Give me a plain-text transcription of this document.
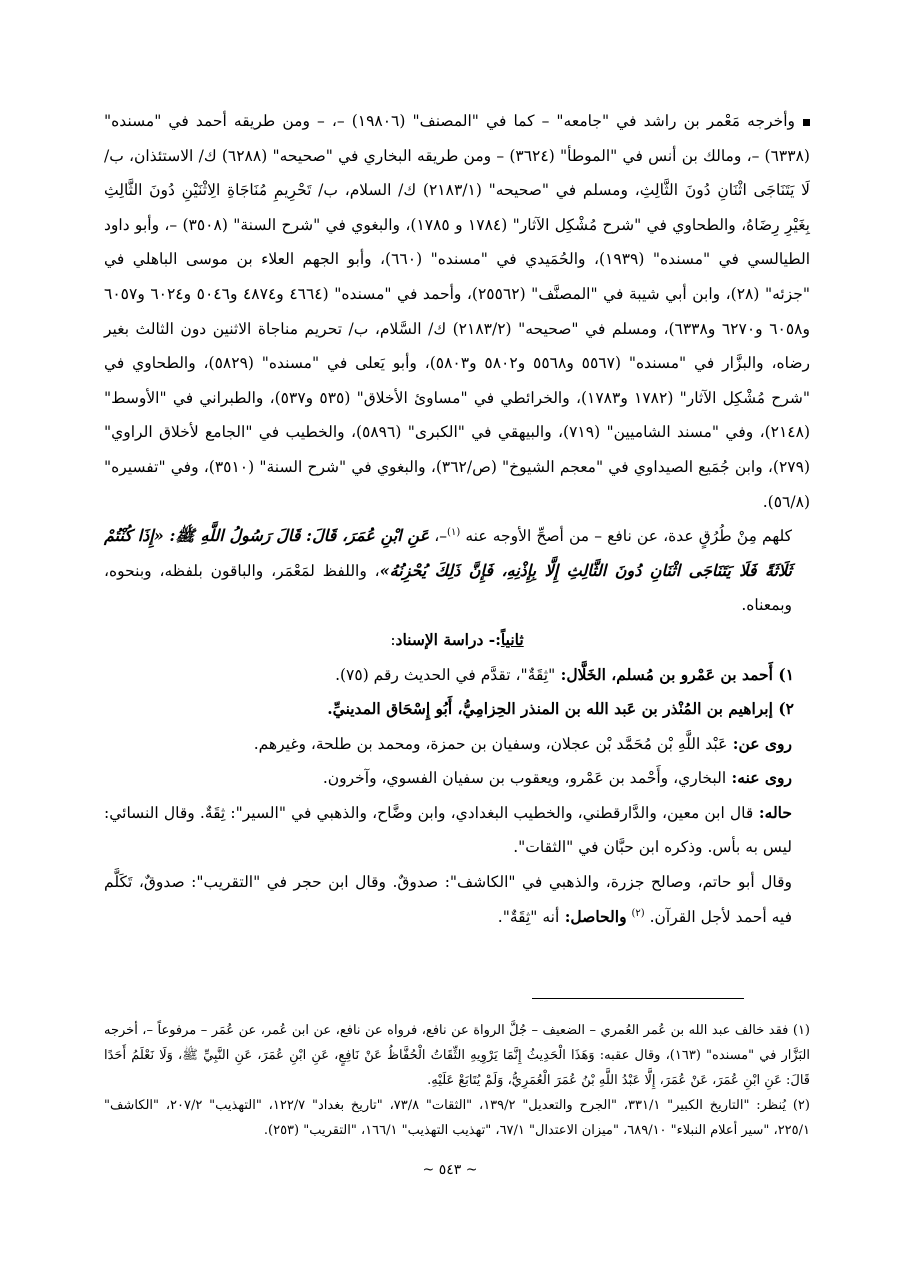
وأخرجه مَعْمر بن راشد في "جامعه" – كما في "المصنف" (١٩٨٠٦) –، – ومن طريقه أحمد في "مسنده" (٦٣٣٨) –، ومالك بن أنس في "الموطأ" (٣٦٢٤) – ومن طريقه البخاري في "صحيحه" (٦٢٨٨) ك/ الاستئذان، ب/لَا يَتَنَاجَى اثْنَانِ دُونَ الثَّالِثِ، ومسلم في "صحيحه" (٢١٨٣/١) ك/ السلام، ب/ تَحْرِيمِ مُنَاجَاةِ الِاثْنَيْنِ دُونَ الثَّالِثِ بِغَيْرِ رِضَاهُ، والطحاوي في "شرح مُشْكِل الآثار" (١٧٨٤ و ١٧٨٥)، والبغوي في "شرح السنة" (٣٥٠٨) –، وأبو داود الطيالسي في "مسنده" (١٩٣٩)، والحُمَيدي في "مسنده" (٦٦٠)، وأبو الجهم العلاء بن موسى الباهلي في "جزئه" (٢٨)، وابن أبي شيبة في "المصنَّف" (٢٥٥٦٢)، وأحمد في "مسنده" (٤٦٦٤ و٤٨٧٤ و٥٠٤٦ و٦٠٢٤ و٦٠٥٧ و٦٠٥٨ و٦٢٧٠ و٦٣٣٨)، ومسلم في "صحيحه" (٢١٨٣/٢) ك/ السَّلام، ب/ تحريم مناجاة الاثنين دون الثالث بغير رضاه، والبزَّار في "مسنده" (٥٥٦٧ و٥٥٦٨ و٥٨٠٢ و٥٨٠٣)، وأبو يَعلى في "مسنده" (٥٨٢٩)، والطحاوي في "شرح مُشْكِل الآثار" (١٧٨٢ و١٧٨٣)، والخرائطي في "مساوئ الأخلاق" (٥٣٥ و٥٣٧)، والطبراني في "الأوسط" (٢١٤٨)، وفي "مسند الشاميين" (٧١٩)، والبيهقي في "الكبرى" (٥٨٩٦)، والخطيب في "الجامع لأخلاق الراوي" (٢٧٩)، وابن جُمَيع الصيداوي في "معجم الشيوخ" (ص/٣٦٢)، والبغوي في "شرح السنة" (٣٥١٠)، وفي "تفسيره" (٥٦/٨).

كلهم مِنْ طُرُقٍ عدة، عن نافع – من أصحِّ الأوجه عنه $^{(١)}$–، عَنِ ابْنِ عُمَرَ، قَالَ: قَالَ رَسُولُ اللَّهِ ﷺ: «إِذَا كُنْتُمْ ثَلَاثَةً فَلَا يَتَنَاجَى اثْنَانِ دُونَ الثَّالِثِ إِلَّا بِإِذْنِهِ، فَإِنَّ ذَلِكَ يُحْزِنُهُ»، واللفظ لمَعْمَر، والباقون بلفظه، وبنحوه، وبمعناه.

ثانياً:- دراسة الإسناد:

١) أَحمد بن عَمْرو بن مُسلم، الخَلَّال: "ثِقَةٌ"، تقدَّم في الحديث رقم (٧٥).

٢) إبراهيم بن المُنْذر بن عَبد الله بن المنذر الحِزامِيُّ، أَبُو إِسْحَاق المدينيِّ.

روى عن: عَبْد اللَّهِ بْن مُحَمَّد بْن عجلان، وسفيان بن حمزة، ومحمد بن طلحة، وغيرهم.

روى عنه: البخاري، وأَحْمد بن عَمْرو، ويعقوب بن سفيان الفسوي، وآخرون.

حاله: قال ابن معين، والدَّارقطني، والخطيب البغدادي، وابن وضَّاح، والذهبي في "السير": ثِقَةٌ. وقال النسائي: ليس به بأس. وذكره ابن حبَّان في "الثقات".

وقال أبو حاتم، وصالح جزرة، والذهبي في "الكاشف": صدوقٌ. وقال ابن حجر في "التقريب": صدوقٌ، تَكَلَّم فيه أحمد لأجل القرآن. $^{(٢)}$ والحاصل: أنه "ثِقَةٌ".

(١) فقد خالف عبد الله بن عُمر العُمري – الضعيف – جُلَّ الرواة عن نافع، فرواه عن نافع، عن ابن عُمر، عن عُمَر – مرفوعاً –، أخرجه البَزَّار في "مسنده" (١٦٣)، وقال عقبه: وَهَذَا الْحَدِيثُ إِنَّمَا يَرْوِيهِ الثِّقَاتُ الْحُفَّاظُ عَنْ نَافِعٍ، عَنِ ابْنِ عُمَرَ، عَنِ النَّبِيِّ ﷺ، وَلَا نَعْلَمُ أَحَدًا قَالَ: عَنِ ابْنِ عُمَرَ، عَنْ عُمَرَ، إِلَّا عَبْدُ اللَّهِ بْنُ عُمَرَ الْعُمَرِيُّ، وَلَمْ يُتَابَعْ عَلَيْهِ.

(٢) يُنظر: "التاريخ الكبير" ٣٣١/١، "الجرح والتعديل" ١٣٩/٢، "الثقات" ٧٣/٨، "تاريخ بغداد" ١٢٢/٧، "التهذيب" ٢٠٧/٢، "الكاشف" ٢٢٥/١، "سير أعلام النبلاء" ٦٨٩/١٠، "ميزان الاعتدال" ٦٧/١، "تهذيب التهذيب" ١٦٦/١، "التقريب" (٢٥٣).

~ ٥٤٣ ~
